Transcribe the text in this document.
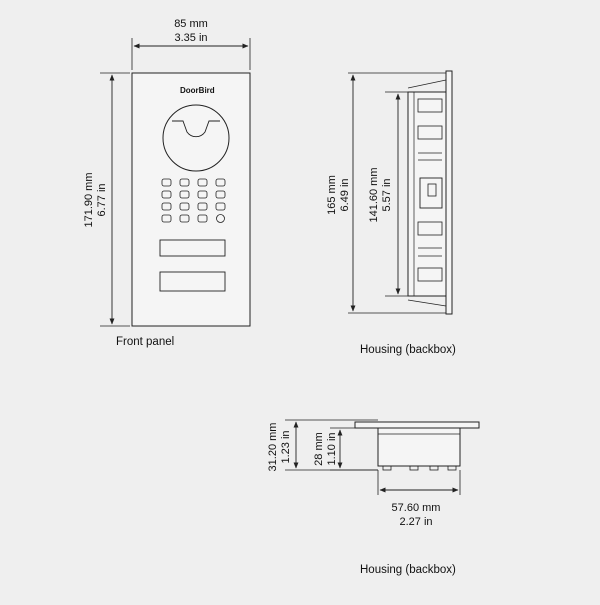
85 mm
3.35 in
171.90 mm 6.77 in
DoorBird
Front panel
165 mm 6.49 in 141.60 mm 5.57 in
Housing (backbox)
31.20 mm 1.23 in 28 mm 1.10 in
57.60 mm
2.27 in
Housing (backbox)
